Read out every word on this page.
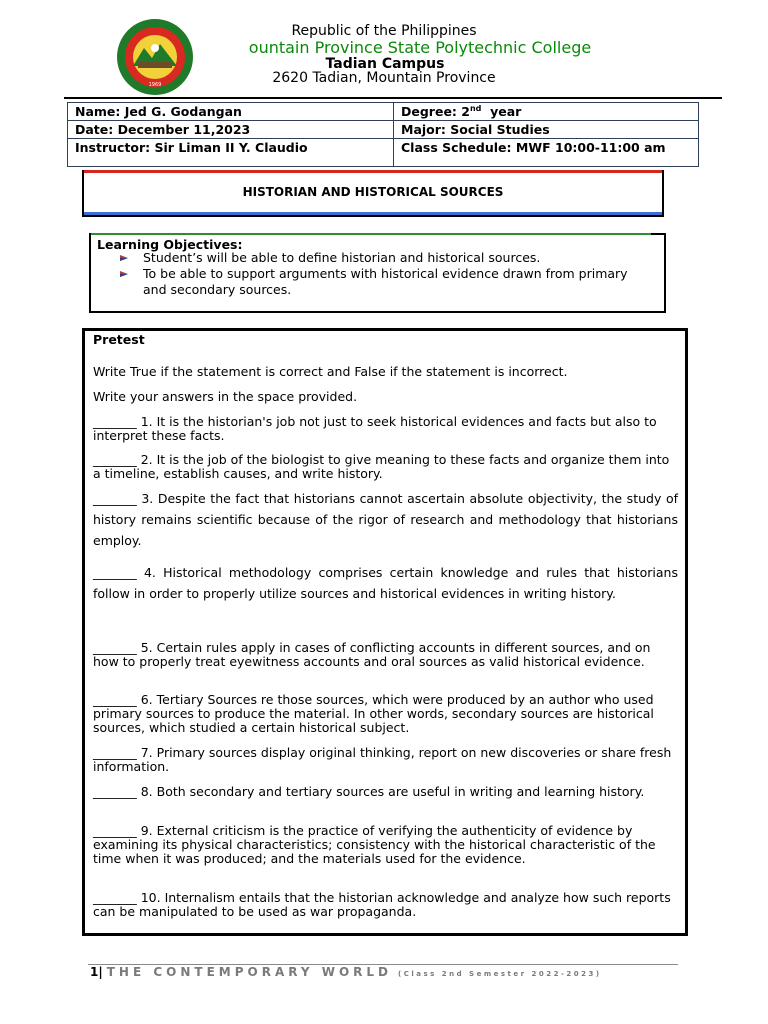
1969
Republic of the Philippines
ountain Province State Polytechnic College
Tadian Campus
2620 Tadian, Mountain Province
Name: Jed G. Godangan	Degree: 2nd year
Date: December 11,2023	Major: Social Studies
Instructor: Sir Liman II Y. Claudio	Class Schedule: MWF 10:00-11:00 am
HISTORIAN AND HISTORICAL SOURCES
Learning Objectives:
Student’s will be able to define historian and historical sources.
To be able to support arguments with historical evidence drawn from primary and secondary sources.
Pretest
Write True if the statement is correct and False if the statement is incorrect.
Write your answers in the space provided.
_______ 1. It is the historian's job not just to seek historical evidences and facts but also to interpret these facts.
_______ 2. It is the job of the biologist to give meaning to these facts and organize them into a timeline, establish causes, and write history.
_______ 3. Despite the fact that historians cannot ascertain absolute objectivity, the study of history remains scientific because of the rigor of research and methodology that historians employ.
_______ 4. Historical methodology comprises certain knowledge and rules that historians follow in order to properly utilize sources and historical evidences in writing history.
_______ 5. Certain rules apply in cases of conflicting accounts in different sources, and on how to properly treat eyewitness accounts and oral sources as valid historical evidence.
_______ 6. Tertiary Sources re those sources, which were produced by an author who used primary sources to produce the material. In other words, secondary sources are historical sources, which studied a certain historical subject.
_______ 7. Primary sources display original thinking, report on new discoveries or share fresh information.
_______ 8. Both secondary and tertiary sources are useful in writing and learning history.
_______ 9. External criticism is the practice of verifying the authenticity of evidence by examining its physical characteristics; consistency with the historical characteristic of the time when it was produced; and the materials used for the evidence.
_______ 10. Internalism entails that the historian acknowledge and analyze how such reports can be manipulated to be used as war propaganda.
1| THE CONTEMPORARY WORLD (Class 2nd Semester 2022-2023)
